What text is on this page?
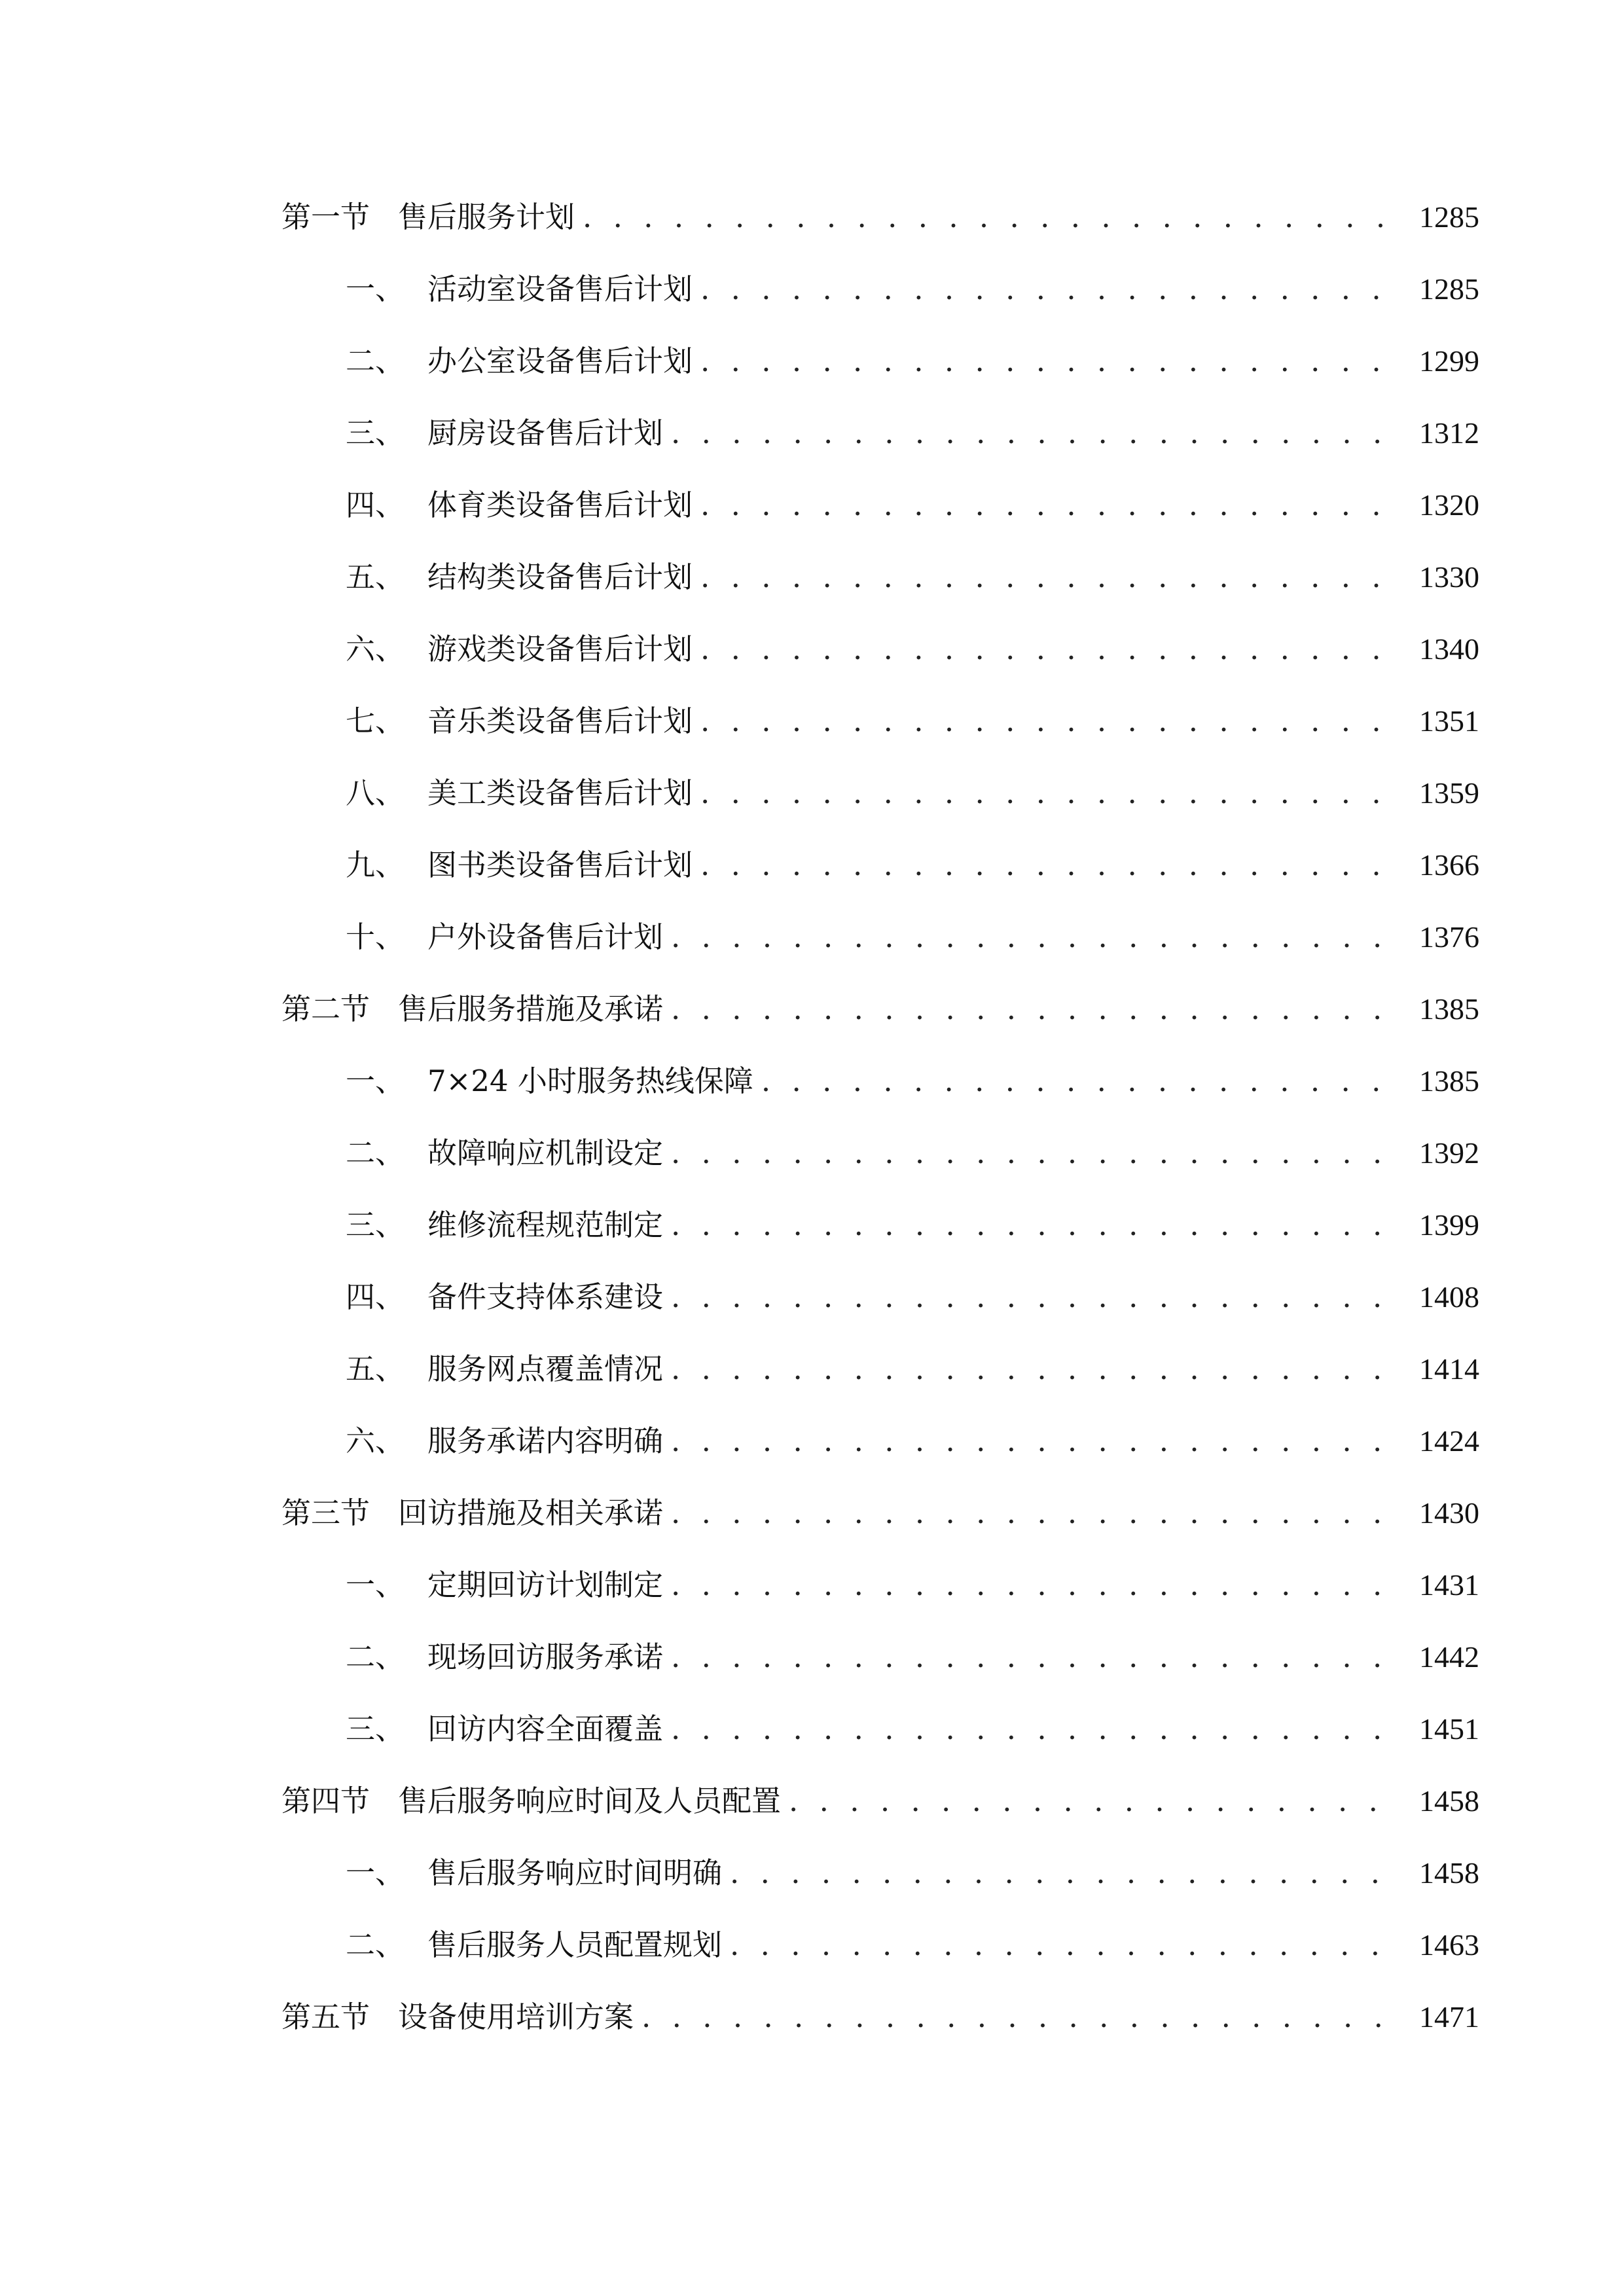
第一节 售后服务计划 . . .	1285
一、 活动室设备售后计划 . . .	1285
二、 办公室设备售后计划 . . .	1299
三、 厨房设备售后计划 . . .	1312
四、 体育类设备售后计划 . . .	1320
五、 结构类设备售后计划 . . .	1330
六、 游戏类设备售后计划 . . .	1340
七、 音乐类设备售后计划 . . .	1351
八、 美工类设备售后计划 . . .	1359
九、 图书类设备售后计划 . . .	1366
十、 户外设备售后计划 . . .	1376
第二节 售后服务措施及承诺 . . .	1385
一、 7×24 小时服务热线保障 . . .	1385
二、 故障响应机制设定 . . .	1392
三、 维修流程规范制定 . . .	1399
四、 备件支持体系建设 . . .	1408
五、 服务网点覆盖情况 . . .	1414
六、 服务承诺内容明确 . . .	1424
第三节 回访措施及相关承诺 . . .	1430
一、 定期回访计划制定 . . .	1431
二、 现场回访服务承诺 . . .	1442
三、 回访内容全面覆盖 . . .	1451
第四节 售后服务响应时间及人员配置 . . .	1458
一、 售后服务响应时间明确 . . .	1458
二、 售后服务人员配置规划 . . .	1463
第五节 设备使用培训方案 . . .	1471
